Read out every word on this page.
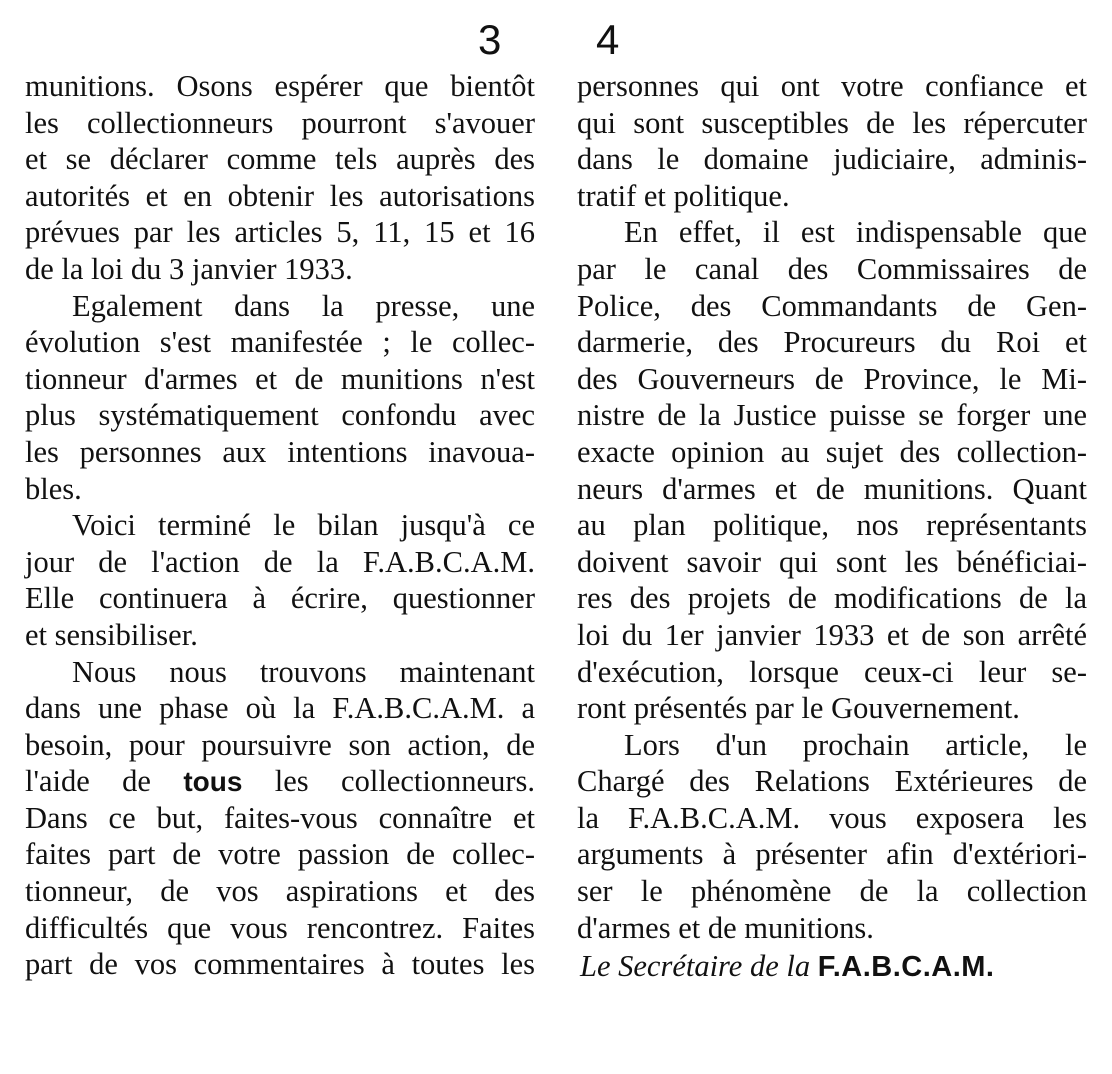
3 4
munitions. Osons espérer que bientôt
les collectionneurs pourront s'avouer
et se déclarer comme tels auprès des
autorités et en obtenir les autorisations
prévues par les articles 5, 11, 15 et 16
de la loi du 3 janvier 1933.
Egalement dans la presse, une
évolution s'est manifestée ; le collec-
tionneur d'armes et de munitions n'est
plus systématiquement confondu avec
les personnes aux intentions inavoua-
bles.
Voici terminé le bilan jusqu'à ce
jour de l'action de la F.A.B.C.A.M.
Elle continuera à écrire, questionner
et sensibiliser.
Nous nous trouvons maintenant
dans une phase où la F.A.B.C.A.M. a
besoin, pour poursuivre son action, de
l'aide de tous les collectionneurs.
Dans ce but, faites-vous connaître et
faites part de votre passion de collec-
tionneur, de vos aspirations et des
difficultés que vous rencontrez. Faites
part de vos commentaires à toutes les
personnes qui ont votre confiance et
qui sont susceptibles de les répercuter
dans le domaine judiciaire, adminis-
tratif et politique.
En effet, il est indispensable que
par le canal des Commissaires de
Police, des Commandants de Gen-
darmerie, des Procureurs du Roi et
des Gouverneurs de Province, le Mi-
nistre de la Justice puisse se forger une
exacte opinion au sujet des collection-
neurs d'armes et de munitions. Quant
au plan politique, nos représentants
doivent savoir qui sont les bénéficiai-
res des projets de modifications de la
loi du 1er janvier 1933 et de son arrêté
d'exécution, lorsque ceux-ci leur se-
ront présentés par le Gouvernement.
Lors d'un prochain article, le
Chargé des Relations Extérieures de
la F.A.B.C.A.M. vous exposera les
arguments à présenter afin d'extériori-
ser le phénomène de la collection
d'armes et de munitions.
Le Secrétaire de la F.A.B.C.A.M.
